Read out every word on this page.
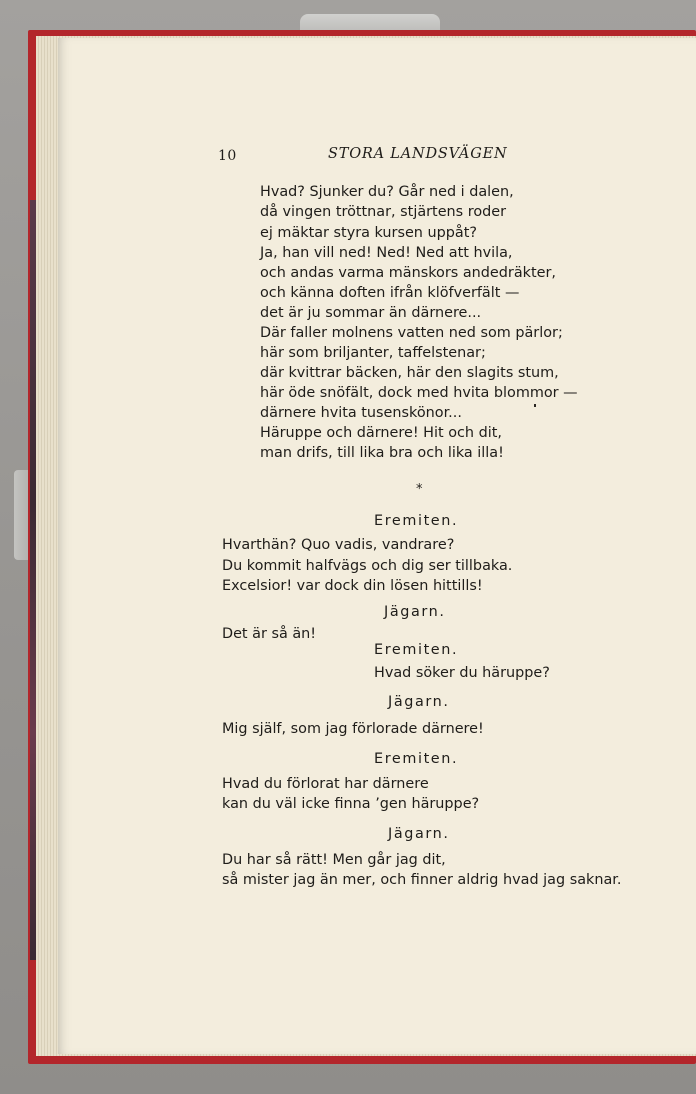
10	STORA LANDSVÄGEN
Hvad? Sjunker du? Går ned i dalen,
då vingen tröttnar, stjärtens roder
ej mäktar styra kursen uppåt?
Ja, han vill ned! Ned! Ned att hvila,
och andas varma mänskors andedräkter,
och känna doften ifrån klöfverfält —
det är ju sommar än därnere...
Där faller molnens vatten ned som pärlor;
här som briljanter, taffelstenar;
där kvittrar bäcken, här den slagits stum,
här öde snöfält, dock med hvita blommor —
därnere hvita tusenskönor...
Häruppe och därnere! Hit och dit,
man drifs, till lika bra och lika illa!
*
Eremiten.
Hvarthän? Quo vadis, vandrare?
Du kommit halfvägs och dig ser tillbaka.
Excelsior! var dock din lösen hittills!
Jägarn.
Det är så än!
Eremiten.
Hvad söker du häruppe?
Jägarn.
Mig själf, som jag förlorade därnere!
Eremiten.
Hvad du förlorat har därnere
kan du väl icke finna ’gen häruppe?
Jägarn.
Du har så rätt! Men går jag dit,
så mister jag än mer, och finner aldrig hvad jag saknar.
